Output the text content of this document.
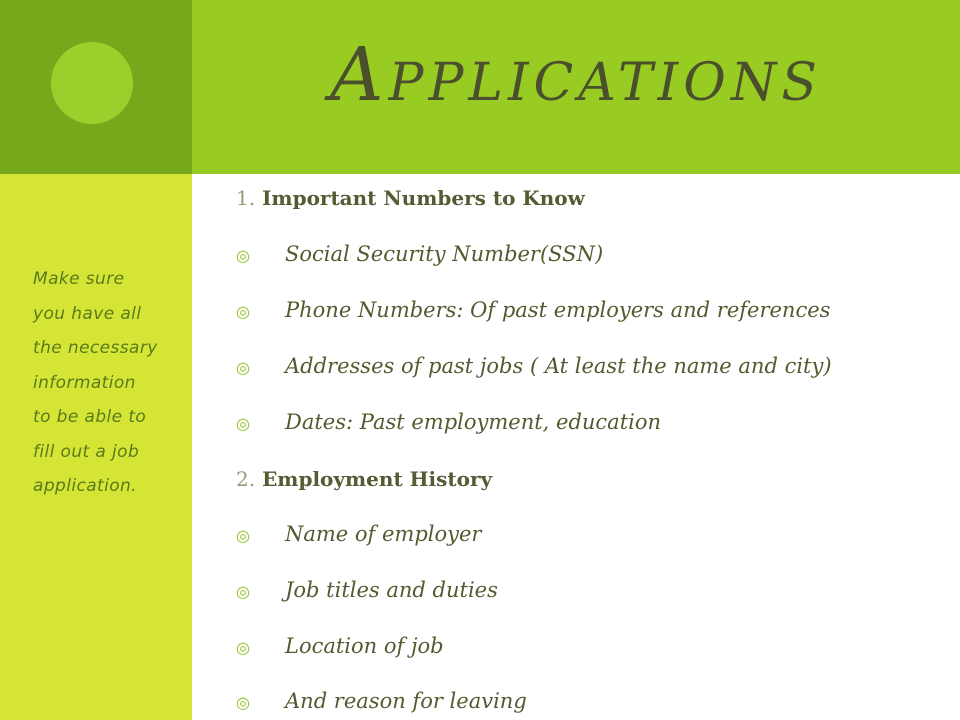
Applications
Make sure
you have all
the necessary
information
to be able to
fill out a job
application.
1. Important Numbers to Know
◎ Social Security Number(SSN)
◎ Phone Numbers: Of past employers and references
◎ Addresses of past jobs ( At least the name and city)
◎ Dates: Past employment, education
2. Employment History
◎ Name of employer
◎ Job titles and duties
◎ Location of job
◎ And reason for leaving
